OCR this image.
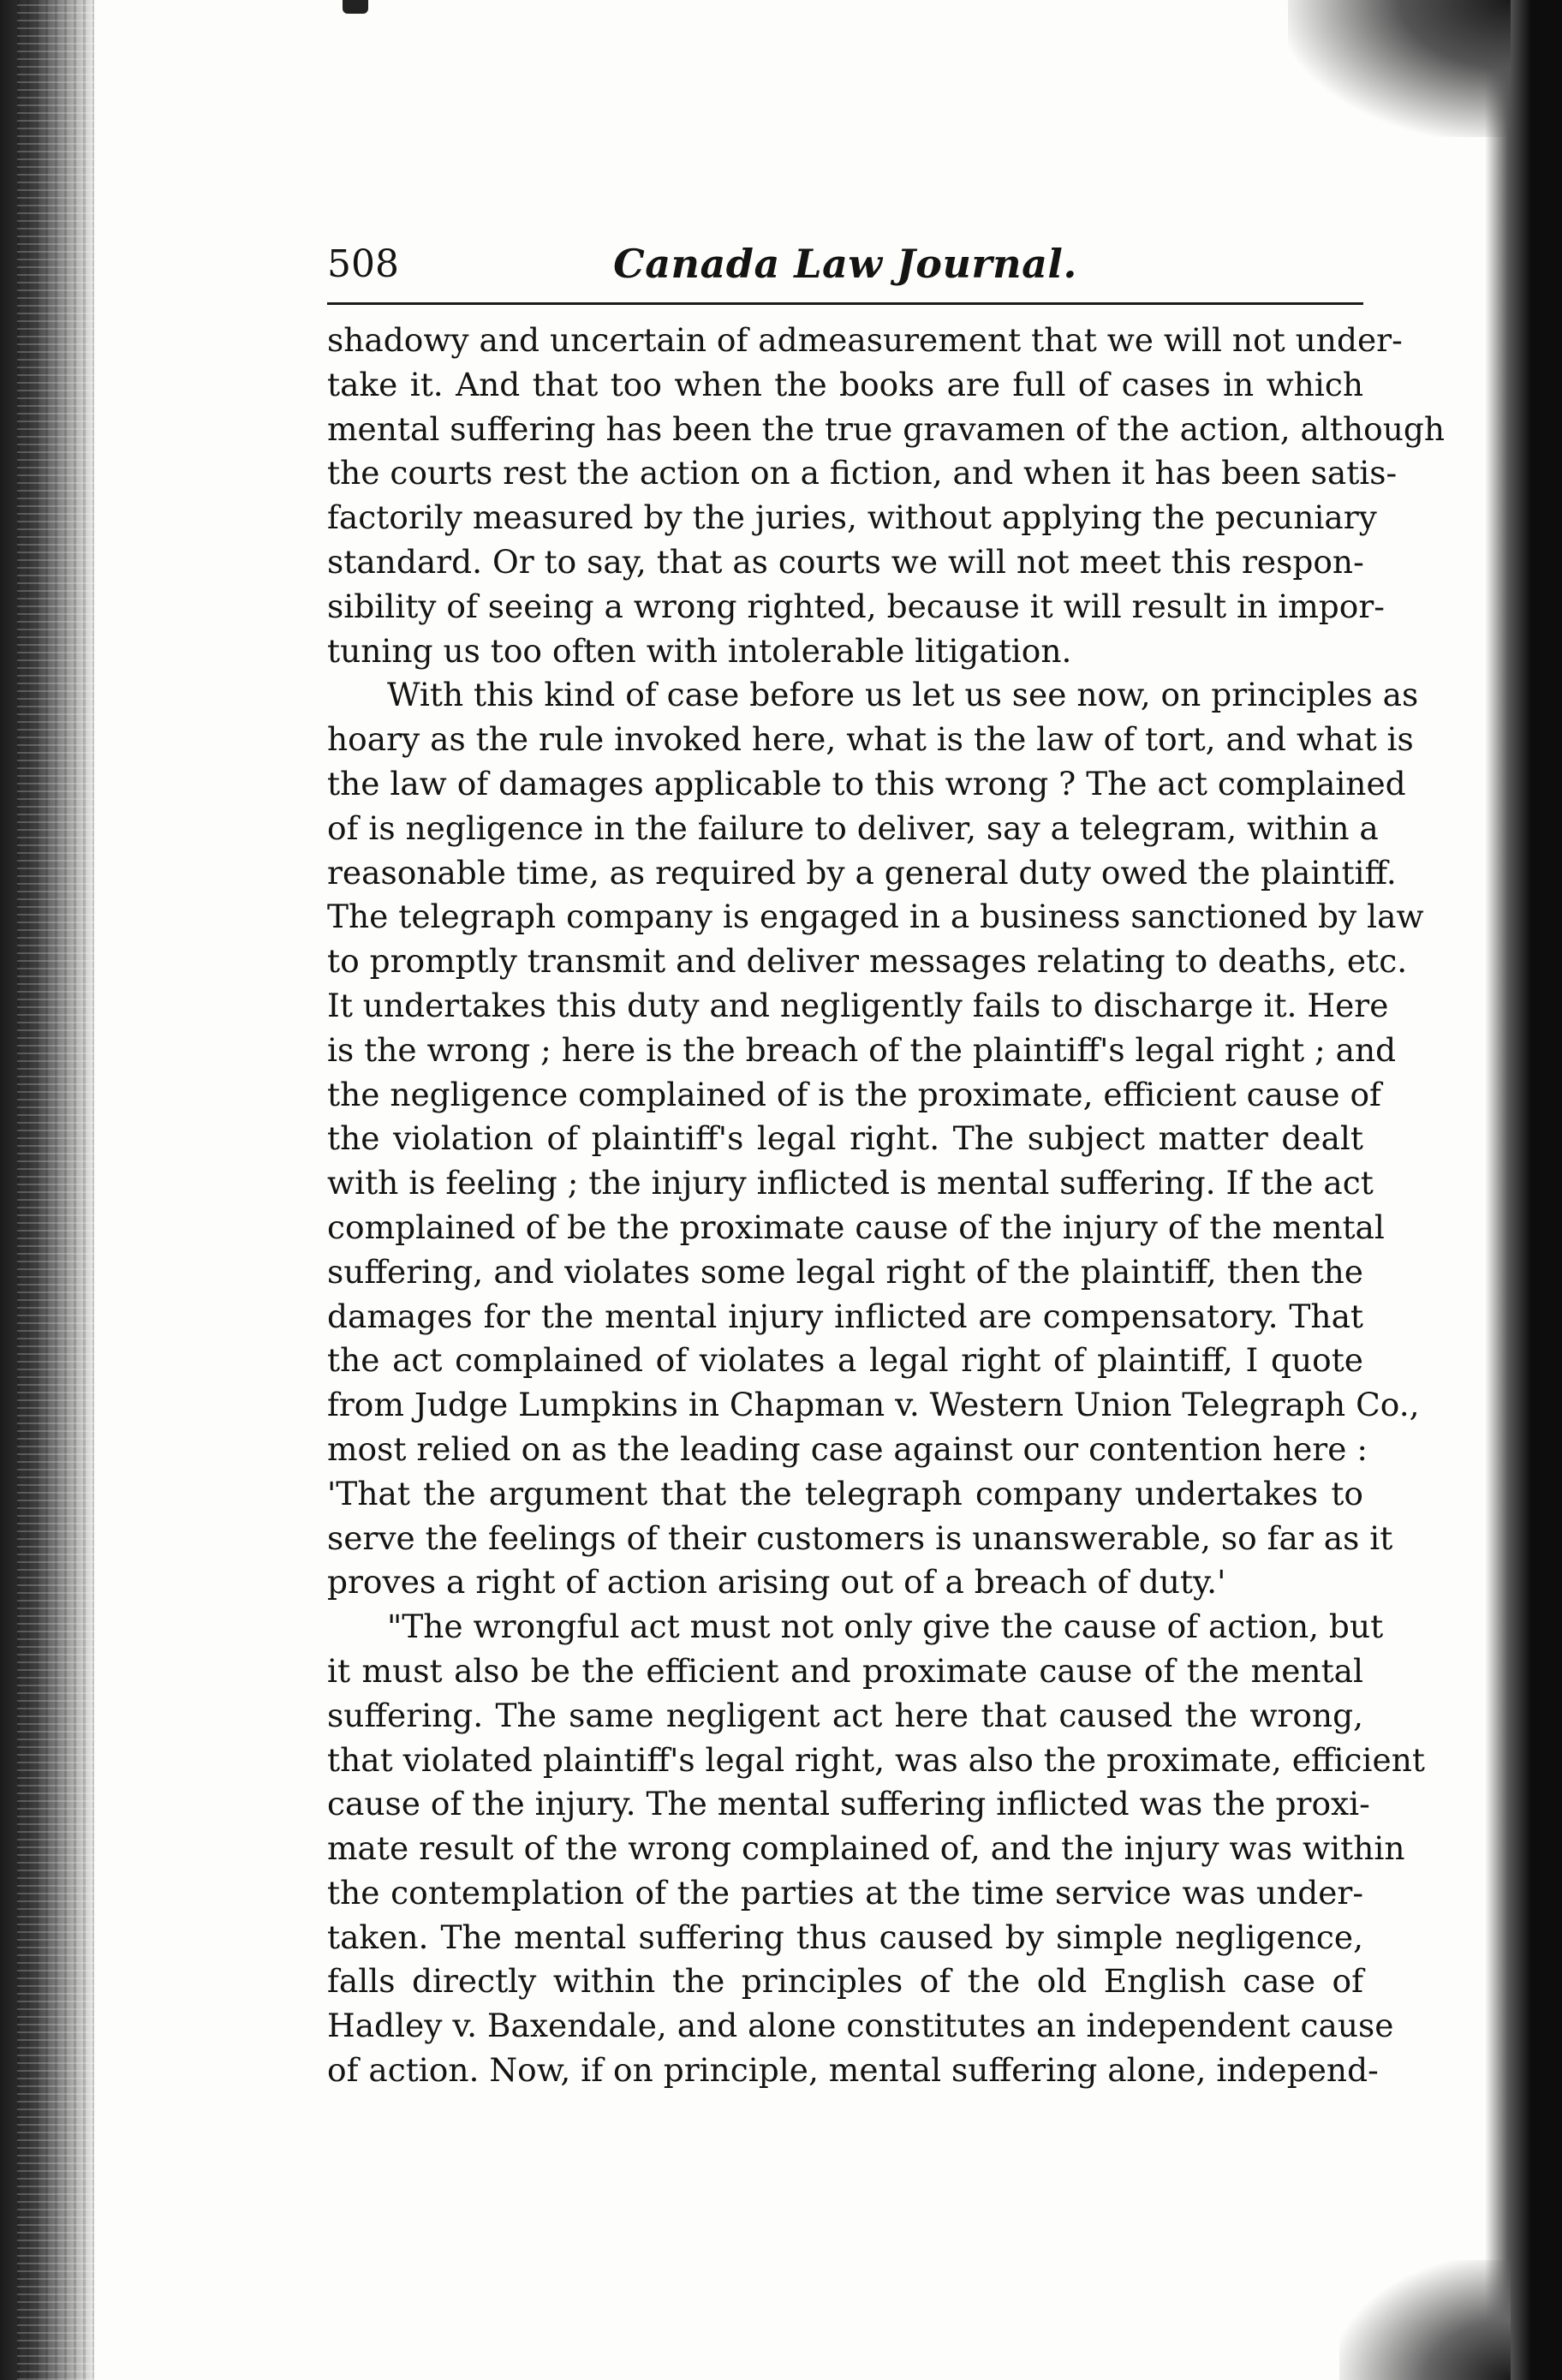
508	Canada Law Journal.
shadowy and uncertain of admeasurement that we will not under-
take it. And that too when the books are full of cases in which
mental suffering has been the true gravamen of the action, although
the courts rest the action on a fiction, and when it has been satis-
factorily measured by the juries, without applying the pecuniary
standard. Or to say, that as courts we will not meet this respon-
sibility of seeing a wrong righted, because it will result in impor-
tuning us too often with intolerable litigation.
With this kind of case before us let us see now, on principles as
hoary as the rule invoked here, what is the law of tort, and what is
the law of damages applicable to this wrong ? The act complained
of is negligence in the failure to deliver, say a telegram, within a
reasonable time, as required by a general duty owed the plaintiff.
The telegraph company is engaged in a business sanctioned by law
to promptly transmit and deliver messages relating to deaths, etc.
It undertakes this duty and negligently fails to discharge it. Here
is the wrong ; here is the breach of the plaintiff's legal right ; and
the negligence complained of is the proximate, efficient cause of
the violation of plaintiff's legal right. The subject matter dealt
with is feeling ; the injury inflicted is mental suffering. If the act
complained of be the proximate cause of the injury of the mental
suffering, and violates some legal right of the plaintiff, then the
damages for the mental injury inflicted are compensatory. That
the act complained of violates a legal right of plaintiff, I quote
from Judge Lumpkins in Chapman v. Western Union Telegraph Co.,
most relied on as the leading case against our contention here :
'That the argument that the telegraph company undertakes to
serve the feelings of their customers is unanswerable, so far as it
proves a right of action arising out of a breach of duty.'
"The wrongful act must not only give the cause of action, but
it must also be the efficient and proximate cause of the mental
suffering. The same negligent act here that caused the wrong,
that violated plaintiff's legal right, was also the proximate, efficient
cause of the injury. The mental suffering inflicted was the proxi-
mate result of the wrong complained of, and the injury was within
the contemplation of the parties at the time service was under-
taken. The mental suffering thus caused by simple negligence,
falls directly within the principles of the old English case of
Hadley v. Baxendale, and alone constitutes an independent cause
of action. Now, if on principle, mental suffering alone, independ-
